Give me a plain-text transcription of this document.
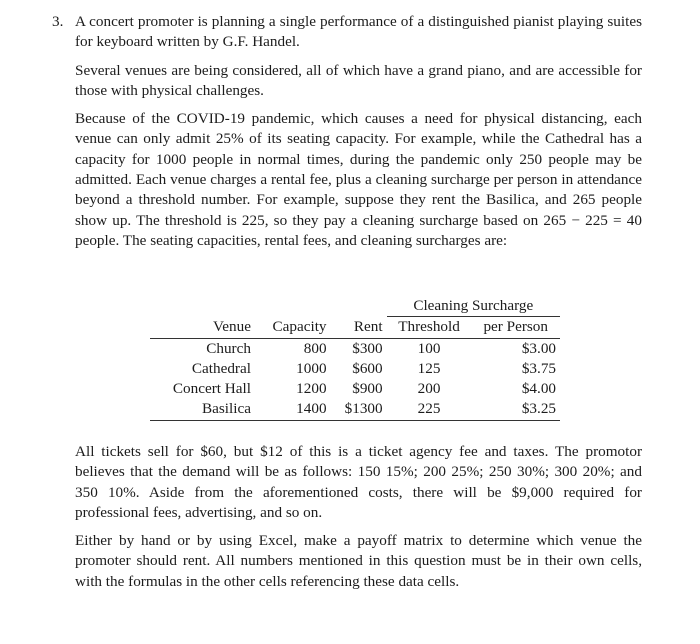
3. A concert promoter is planning a single performance of a distinguished pianist playing suites for keyboard written by G.F. Handel.

Several venues are being considered, all of which have a grand piano, and are accessible for those with physical challenges.

Because of the COVID-19 pandemic, which causes a need for physical distancing, each venue can only admit 25% of its seating capacity. For example, while the Cathedral has a capacity for 1000 people in normal times, during the pandemic only 250 people may be admitted. Each venue charges a rental fee, plus a cleaning surcharge per person in attendance beyond a threshold number. For example, suppose they rent the Basilica, and 265 people show up. The threshold is 225, so they pay a cleaning surcharge based on 265 − 225 = 40 people. The seating capacities, rental fees, and cleaning surcharges are:

			Cleaning Surcharge	
Venue	Capacity	Rent	Threshold	per Person
Church	800	$300	100	$3.00
Cathedral	1000	$600	125	$3.75
Concert Hall	1200	$900	200	$4.00
Basilica	1400	$1300	225	$3.25

All tickets sell for $60, but $12 of this is a ticket agency fee and taxes. The promotor believes that the demand will be as follows: 150 15%; 200 25%; 250 30%; 300 20%; and 350 10%. Aside from the aforementioned costs, there will be $9,000 required for professional fees, advertising, and so on.

Either by hand or by using Excel, make a payoff matrix to determine which venue the promoter should rent. All numbers mentioned in this question must be in their own cells, with the formulas in the other cells referencing these data cells.
